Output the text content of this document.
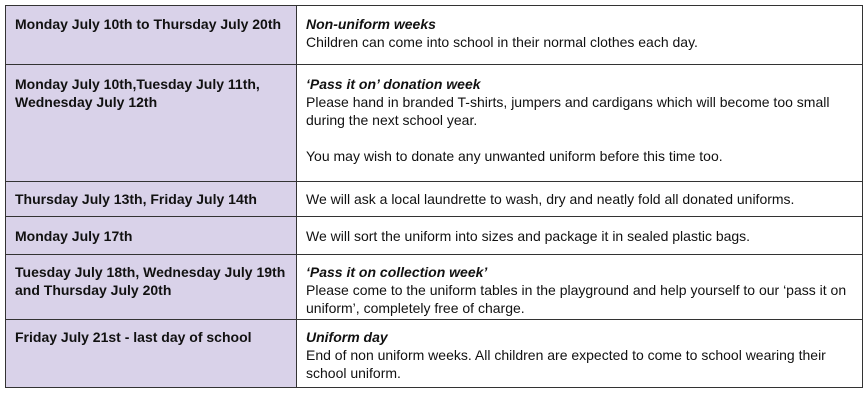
Monday July 10th to Thursday July 20th	Non-uniform weeks
Children can come into school in their normal clothes each day.

Monday July 10th,Tuesday July 11th, Wednesday July 12th	‘Pass it on’ donation week
Please hand in branded T-shirts, jumpers and cardigans which will become too small during the next school year.
You may wish to donate any unwanted uniform before this time too.

Thursday July 13th, Friday July 14th	We will ask a local laundrette to wash, dry and neatly fold all donated uniforms.

Monday July 17th	We will sort the uniform into sizes and package it in sealed plastic bags.

Tuesday July 18th, Wednesday July 19th and Thursday July 20th	‘Pass it on collection week’
Please come to the uniform tables in the playground and help yourself to our ‘pass it on uniform’, completely free of charge.

Friday July 21st - last day of school	Uniform day
End of non uniform weeks. All children are expected to come to school wearing their school uniform.
